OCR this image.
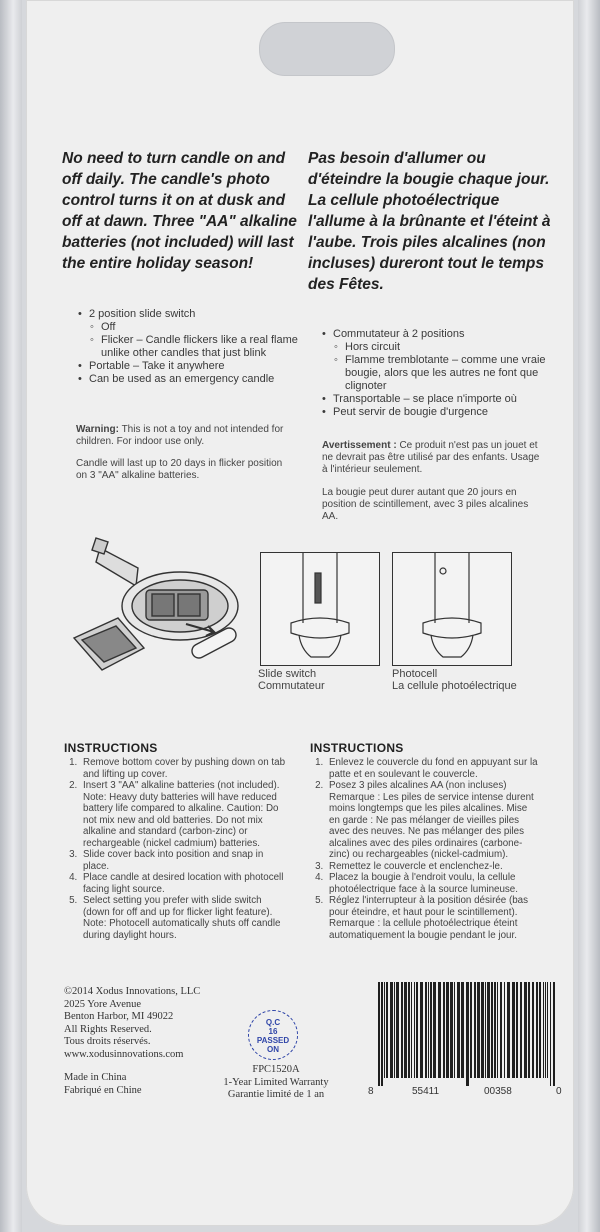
No need to turn candle on and off daily. The candle's photo control turns it on at dusk and off at dawn. Three "AA" alkaline batteries (not included) will last the entire holiday season!
Pas besoin d'allumer ou d'éteindre la bougie chaque jour. La cellule photoélectrique l'allume à la brûnante et l'éteint à l'aube. Trois piles alcalines (non incluses) dureront tout le temps des Fêtes.
• 2 position slide switch
◦ Off
◦ Flicker – Candle flickers like a real flame unlike other candles that just blink
• Portable – Take it anywhere
• Can be used as an emergency candle
• Commutateur à 2 positions
◦ Hors circuit
◦ Flamme tremblotante – comme une vraie bougie, alors que les autres ne font que clignoter
• Transportable – se place n'importe où
• Peut servir de bougie d'urgence
Warning: This is not a toy and not intended for children. For indoor use only.
Candle will last up to 20 days in flicker position on 3 "AA" alkaline batteries.
Avertissement : Ce produit n'est pas un jouet et ne devrait pas être utilisé par des enfants. Usage à l'intérieur seulement.
La bougie peut durer autant que 20 jours en position de scintillement, avec 3 piles alcalines AA.
Slide switch
Commutateur
Photocell
La cellule photoélectrique
INSTRUCTIONS
1. Remove bottom cover by pushing down on tab and lifting up cover.
2. Insert 3 "AA" alkaline batteries (not included). Note: Heavy duty batteries will have reduced battery life compared to alkaline. Caution: Do not mix new and old batteries. Do not mix alkaline and standard (carbon-zinc) or rechargeable (nickel cadmium) batteries.
3. Slide cover back into position and snap in place.
4. Place candle at desired location with photocell facing light source.
5. Select setting you prefer with slide switch (down for off and up for flicker light feature). Note: Photocell automatically shuts off candle during daylight hours.
INSTRUCTIONS
1. Enlevez le couvercle du fond en appuyant sur la patte et en soulevant le couvercle.
2. Posez 3 piles alcalines AA (non incluses) Remarque : Les piles de service intense durent moins longtemps que les piles alcalines. Mise en garde : Ne pas mélanger de vieilles piles avec des neuves. Ne pas mélanger des piles alcalines avec des piles ordinaires (carbone-zinc) ou rechargeables (nickel-cadmium).
3. Remettez le couvercle et enclenchez-le.
4. Placez la bougie à l'endroit voulu, la cellule photoélectrique face à la source lumineuse.
5. Réglez l'interrupteur à la position désirée (bas pour éteindre, et haut pour le scintillement). Remarque : la cellule photoélectrique éteint automatiquement la bougie pendant le jour.
©2014 Xodus Innovations, LLC
2025 Yore Avenue
Benton Harbor, MI 49022
All Rights Reserved.
Tous droits réservés.
www.xodusinnovations.com
Made in China
Fabriqué en Chine
Q.C
16
PASSED
ON
FPC1520A
1-Year Limited Warranty
Garantie limité de 1 an	8	55411	00358	0
